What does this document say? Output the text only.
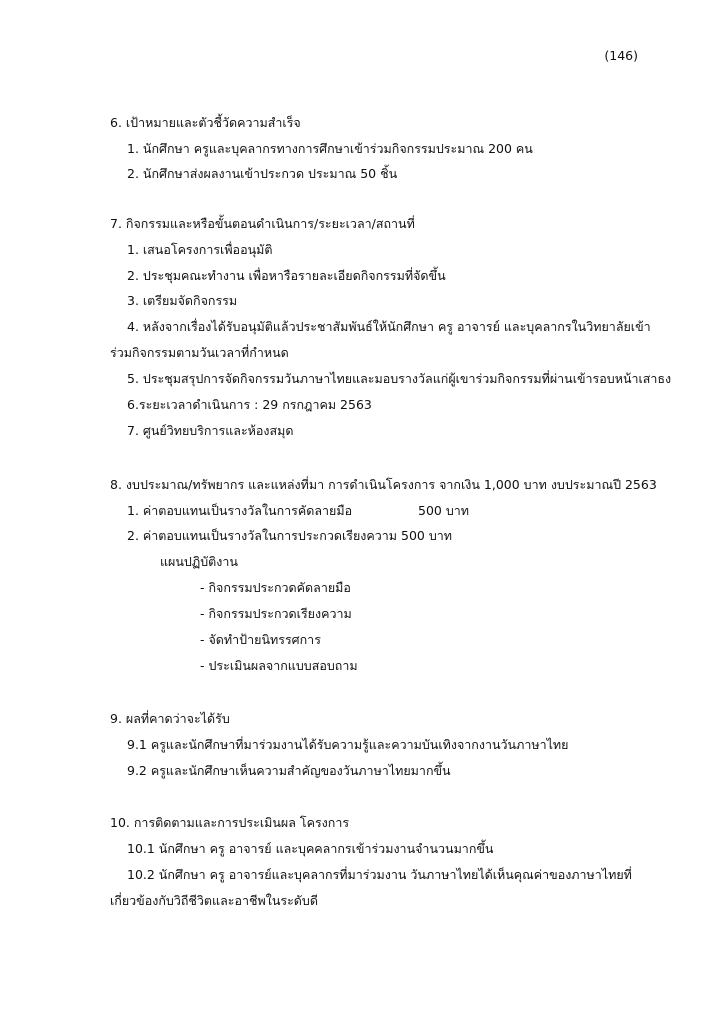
(146)
6. เป้าหมายและตัวชี้วัดความสำเร็จ
1. นักศึกษา ครูและบุคลากรทางการศึกษาเข้าร่วมกิจกรรมประมาณ 200 คน
2. นักศึกษาส่งผลงานเข้าประกวด ประมาณ 50 ชิ้น
7. กิจกรรมและหรือขั้นตอนดำเนินการ/ระยะเวลา/สถานที่
1. เสนอโครงการเพื่ออนุมัติ
2. ประชุมคณะทำงาน เพื่อหารือรายละเอียดกิจกรรมที่จัดขึ้น
3. เตรียมจัดกิจกรรม
4. หลังจากเรื่องได้รับอนุมัติแล้วประชาสัมพันธ์ให้นักศึกษา ครู อาจารย์ และบุคลากรในวิทยาลัยเข้า
ร่วมกิจกรรมตามวันเวลาที่กำหนด
5. ประชุมสรุปการจัดกิจกรรมวันภาษาไทยและมอบรางวัลแก่ผู้เขาร่วมกิจกรรมที่ผ่านเข้ารอบหน้าเสาธง
6.ระยะเวลาดำเนินการ : 29 กรกฎาคม 2563
7. ศูนย์วิทยบริการและห้องสมุด
8. งบประมาณ/ทรัพยากร และแหล่งที่มา การดำเนินโครงการ จากเงิน 1,000 บาท งบประมาณปี 2563
1. ค่าตอบแทนเป็นรางวัลในการคัดลายมือ	500 บาท
2. ค่าตอบแทนเป็นรางวัลในการประกวดเรียงความ 500 บาท
แผนปฏิบัติงาน
- กิจกรรมประกวดคัดลายมือ
- กิจกรรมประกวดเรียงความ
- จัดทำป้ายนิทรรศการ
- ประเมินผลจากแบบสอบถาม
9. ผลที่คาดว่าจะได้รับ
9.1 ครูและนักศึกษาที่มาร่วมงานได้รับความรู้และความบันเทิงจากงานวันภาษาไทย
9.2 ครูและนักศึกษาเห็นความสำคัญของวันภาษาไทยมากขึ้น
10. การติดตามและการประเมินผล โครงการ
10.1 นักศึกษา ครู อาจารย์ และบุคคลากรเข้าร่วมงานจำนวนมากขึ้น
10.2 นักศึกษา ครู อาจารย์และบุคลากรที่มาร่วมงาน วันภาษาไทยได้เห็นคุณค่าของภาษาไทยที่
เกี่ยวข้องกับวิถีชีวิตและอาชีพในระดับดี
